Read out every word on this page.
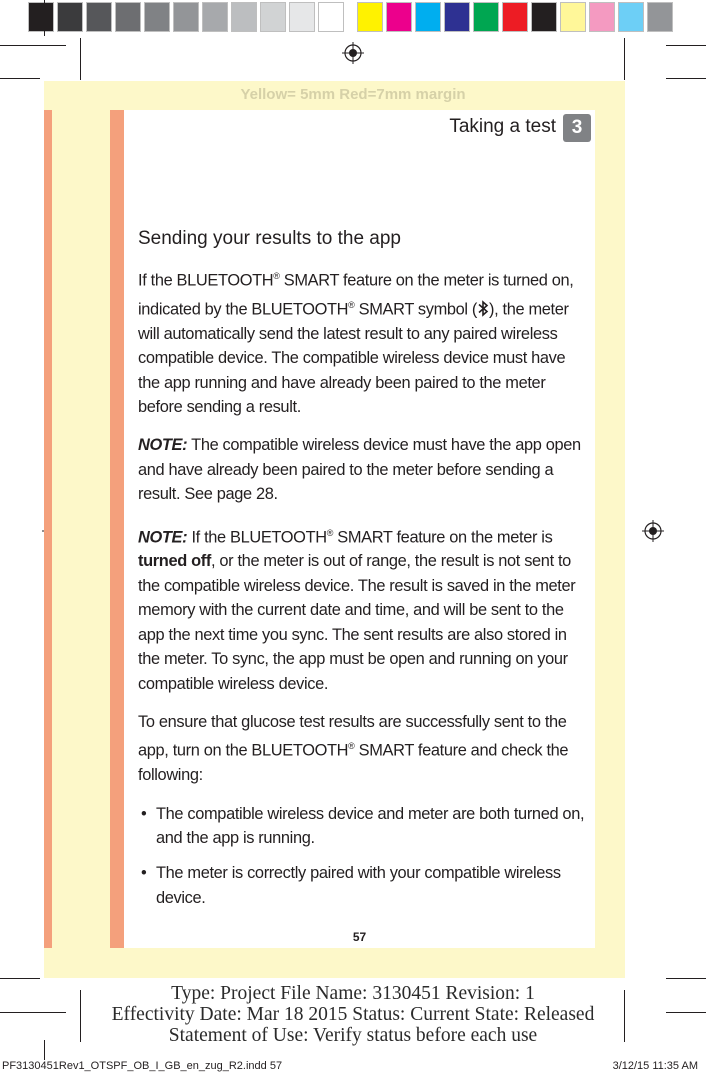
Yellow= 5mm Red=7mm margin
Taking a test 3
Sending your results to the app

If the BLUETOOTH® SMART feature on the meter is turned on, indicated by the BLUETOOTH® SMART symbol ( ), the meter will automatically send the latest result to any paired wireless compatible device. The compatible wireless device must have the app running and have already been paired to the meter before sending a result.

NOTE: The compatible wireless device must have the app open and have already been paired to the meter before sending a result. See page 28.

NOTE: If the BLUETOOTH® SMART feature on the meter is turned off, or the meter is out of range, the result is not sent to the compatible wireless device. The result is saved in the meter memory with the current date and time, and will be sent to the app the next time you sync. The sent results are also stored in the meter. To sync, the app must be open and running on your compatible wireless device.

To ensure that glucose test results are successfully sent to the app, turn on the BLUETOOTH® SMART feature and check the following:

• The compatible wireless device and meter are both turned on, and the app is running.
• The meter is correctly paired with your compatible wireless device.
57
Type: Project File Name: 3130451 Revision: 1
Effectivity Date: Mar 18 2015 Status: Current State: Released
Statement of Use: Verify status before each use
PF3130451Rev1_OTSPF_OB_I_GB_en_zug_R2.indd 57	3/12/15 11:35 AM
